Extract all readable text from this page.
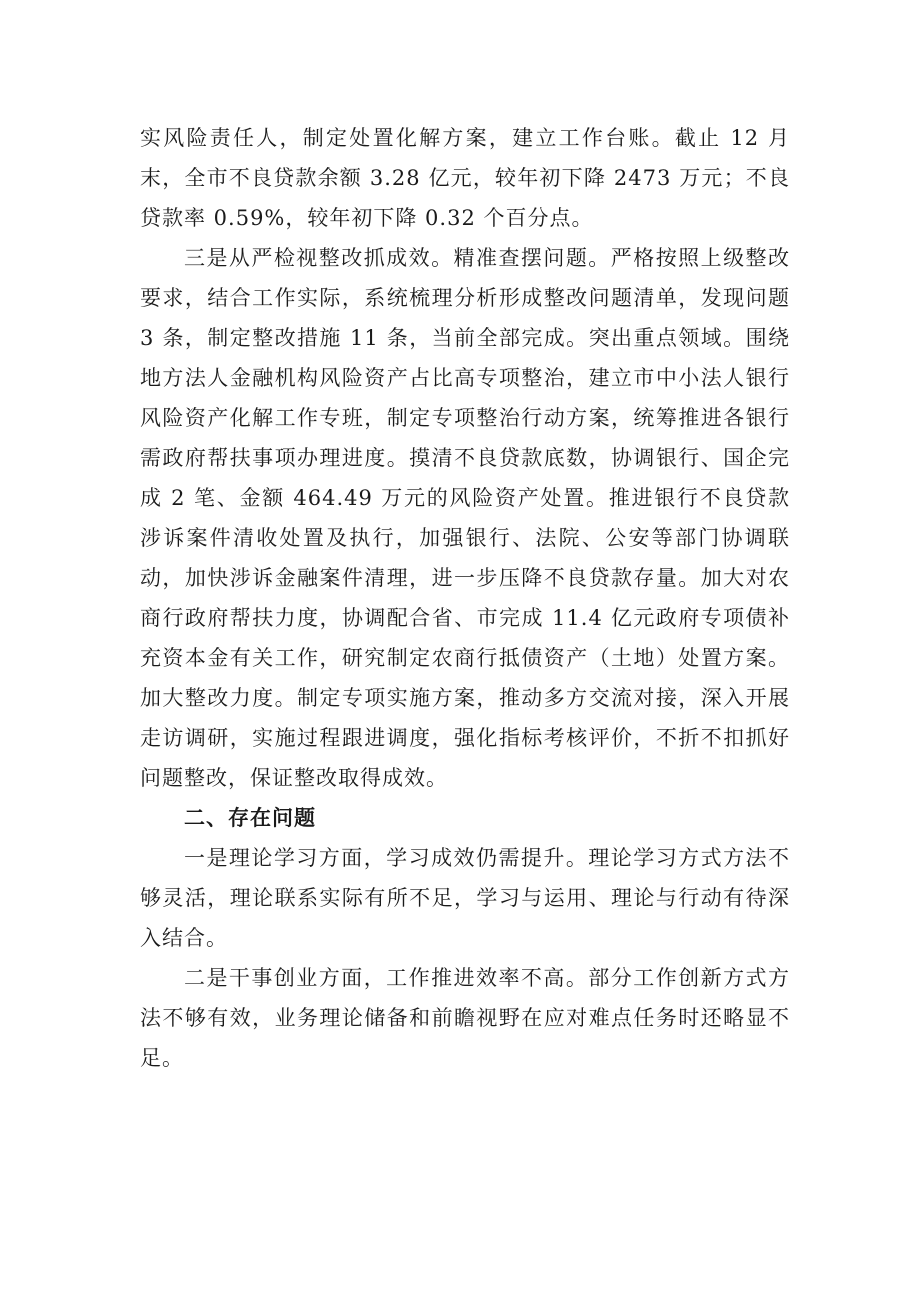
实风险责任人，制定处置化解方案，建立工作台账。截止 12 月末，全市不良贷款余额 3.28 亿元，较年初下降 2473 万元；不良贷款率 0.59%，较年初下降 0.32 个百分点。

三是从严检视整改抓成效。精准查摆问题。严格按照上级整改要求，结合工作实际，系统梳理分析形成整改问题清单，发现问题 3 条，制定整改措施 11 条，当前全部完成。突出重点领域。围绕地方法人金融机构风险资产占比高专项整治，建立市中小法人银行风险资产化解工作专班，制定专项整治行动方案，统筹推进各银行需政府帮扶事项办理进度。摸清不良贷款底数，协调银行、国企完成 2 笔、金额 464.49 万元的风险资产处置。推进银行不良贷款涉诉案件清收处置及执行，加强银行、法院、公安等部门协调联动，加快涉诉金融案件清理，进一步压降不良贷款存量。加大对农商行政府帮扶力度，协调配合省、市完成 11.4 亿元政府专项债补充资本金有关工作，研究制定农商行抵债资产（土地）处置方案。加大整改力度。制定专项实施方案，推动多方交流对接，深入开展走访调研，实施过程跟进调度，强化指标考核评价，不折不扣抓好问题整改，保证整改取得成效。

二、存在问题

一是理论学习方面，学习成效仍需提升。理论学习方式方法不够灵活，理论联系实际有所不足，学习与运用、理论与行动有待深入结合。

二是干事创业方面，工作推进效率不高。部分工作创新方式方法不够有效，业务理论储备和前瞻视野在应对难点任务时还略显不足。
